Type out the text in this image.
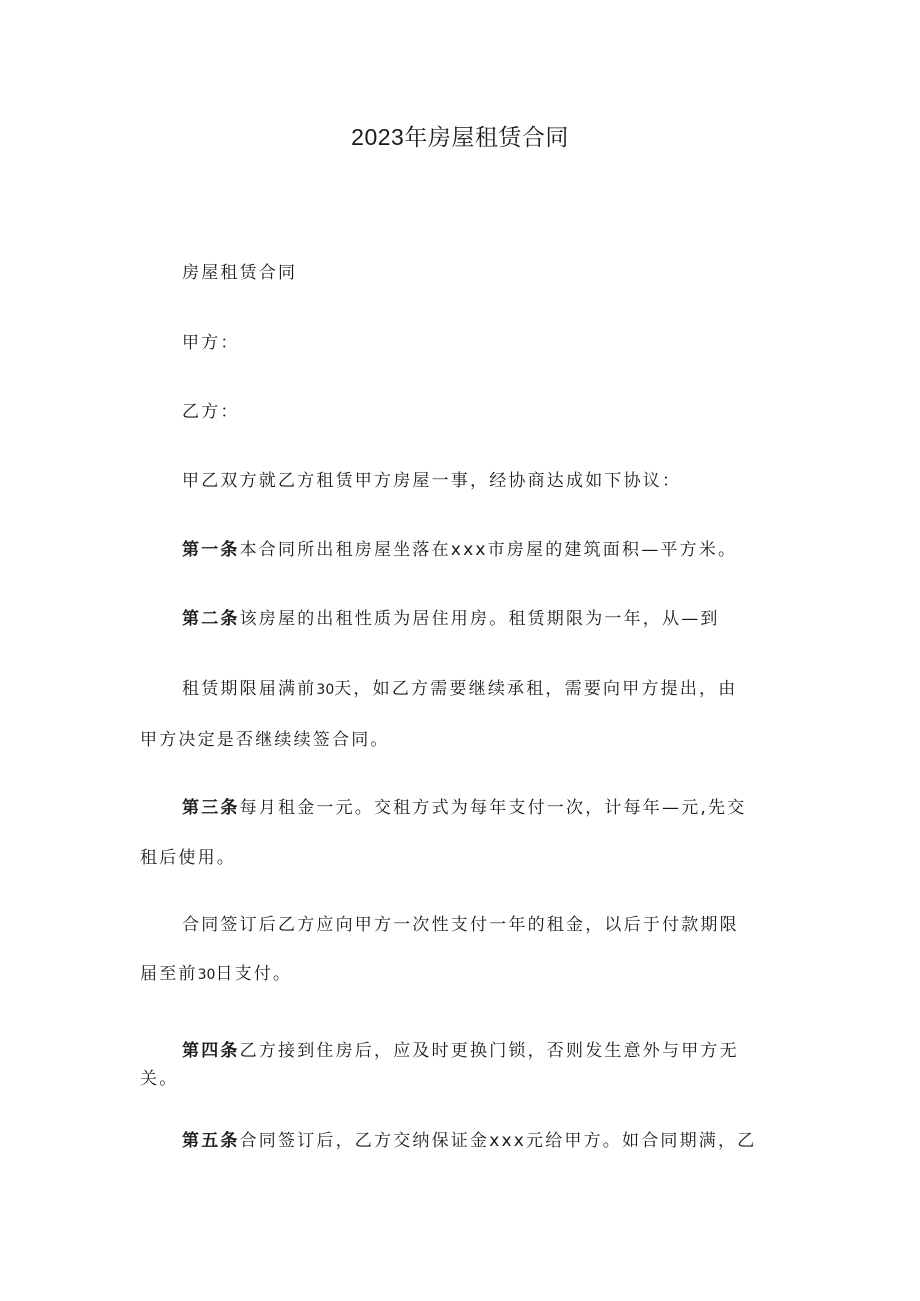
2023年房屋租赁合同

房屋租赁合同

甲方：

乙方：

甲乙双方就乙方租赁甲方房屋一事，经协商达成如下协议：

第一条本合同所出租房屋坐落在xxx市房屋的建筑面积—平方米。

第二条该房屋的出租性质为居住用房。租赁期限为一年，从—到

租赁期限届满前30天，如乙方需要继续承租，需要向甲方提出，由

甲方决定是否继续续签合同。

第三条每月租金一元。交租方式为每年支付一次，计每年—元,先交

租后使用。

合同签订后乙方应向甲方一次性支付一年的租金，以后于付款期限

届至前30日支付。

第四条乙方接到住房后，应及时更换门锁，否则发生意外与甲方无

关。

第五条合同签订后，乙方交纳保证金xxx元给甲方。如合同期满，乙
